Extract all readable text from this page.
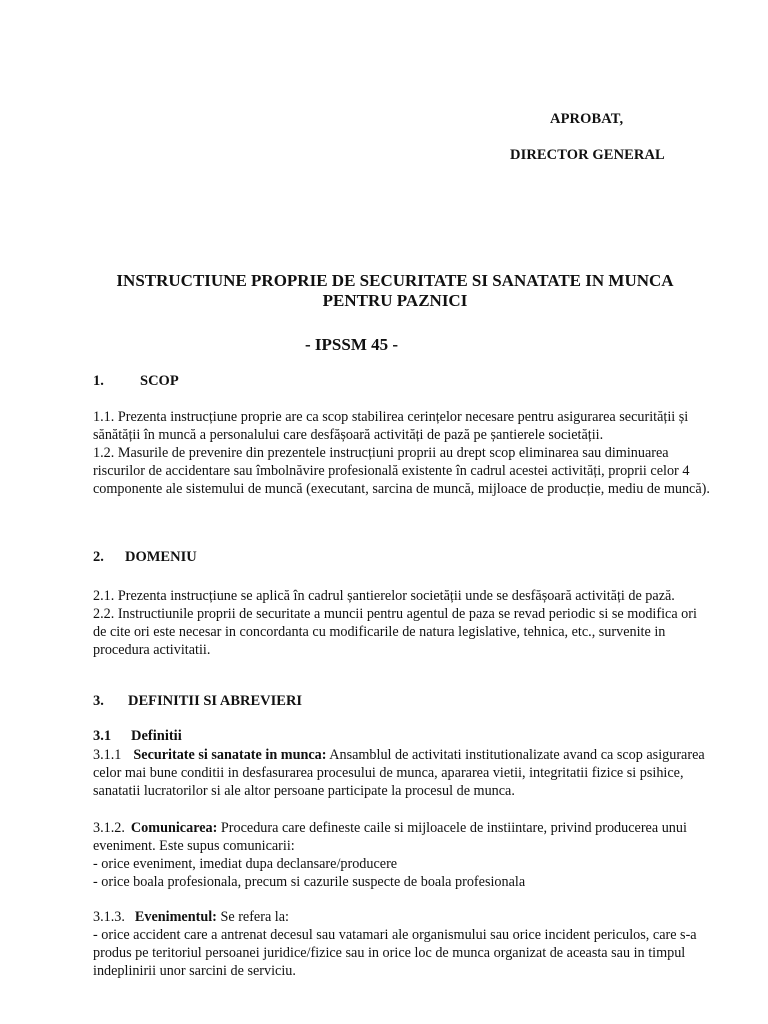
APROBAT,
DIRECTOR GENERAL
INSTRUCTIUNE PROPRIE DE SECURITATE SI SANATATE IN MUNCA
PENTRU PAZNICI
- IPSSM 45 -
1. SCOP

1.1. Prezenta instrucțiune proprie are ca scop stabilirea cerințelor necesare pentru asigurarea securității și sănătății în muncă a personalului care desfășoară activități de pază pe șantierele societății.

1.2. Masurile de prevenire din prezentele instrucțiuni proprii au drept scop eliminarea sau diminuarea riscurilor de accidentare sau îmbolnăvire profesională existente în cadrul acestei activități, proprii celor 4 componente ale sistemului de muncă (executant, sarcina de muncă, mijloace de producție, mediu de muncă).

2. DOMENIU

2.1. Prezenta instrucțiune se aplică în cadrul șantierelor societății unde se desfășoară activități de pază.

2.2. Instructiunile proprii de securitate a muncii pentru agentul de paza se revad periodic si se modifica ori de cite ori este necesar in concordanta cu modificarile de natura legislative, tehnica, etc., survenite in procedura activitatii.

3. DEFINITII SI ABREVIERI
3.1 Definitii

3.1.1 Securitate si sanatate in munca: Ansamblul de activitati institutionalizate avand ca scop asigurarea celor mai bune conditii in desfasurarea procesului de munca, apararea vietii, integritatii fizice si psihice, sanatatii lucratorilor si ale altor persoane participate la procesul de munca.

3.1.2. Comunicarea: Procedura care defineste caile si mijloacele de instiintare, privind producerea unui eveniment. Este supus comunicarii:

- orice eveniment, imediat dupa declansare/producere

- orice boala profesionala, precum si cazurile suspecte de boala profesionala

3.1.3. Evenimentul: Se refera la:

- orice accident care a antrenat decesul sau vatamari ale organismului sau orice incident periculos, care s-a produs pe teritoriul persoanei juridice/fizice sau in orice loc de munca organizat de aceasta sau in timpul indeplinirii unor sarcini de serviciu.
